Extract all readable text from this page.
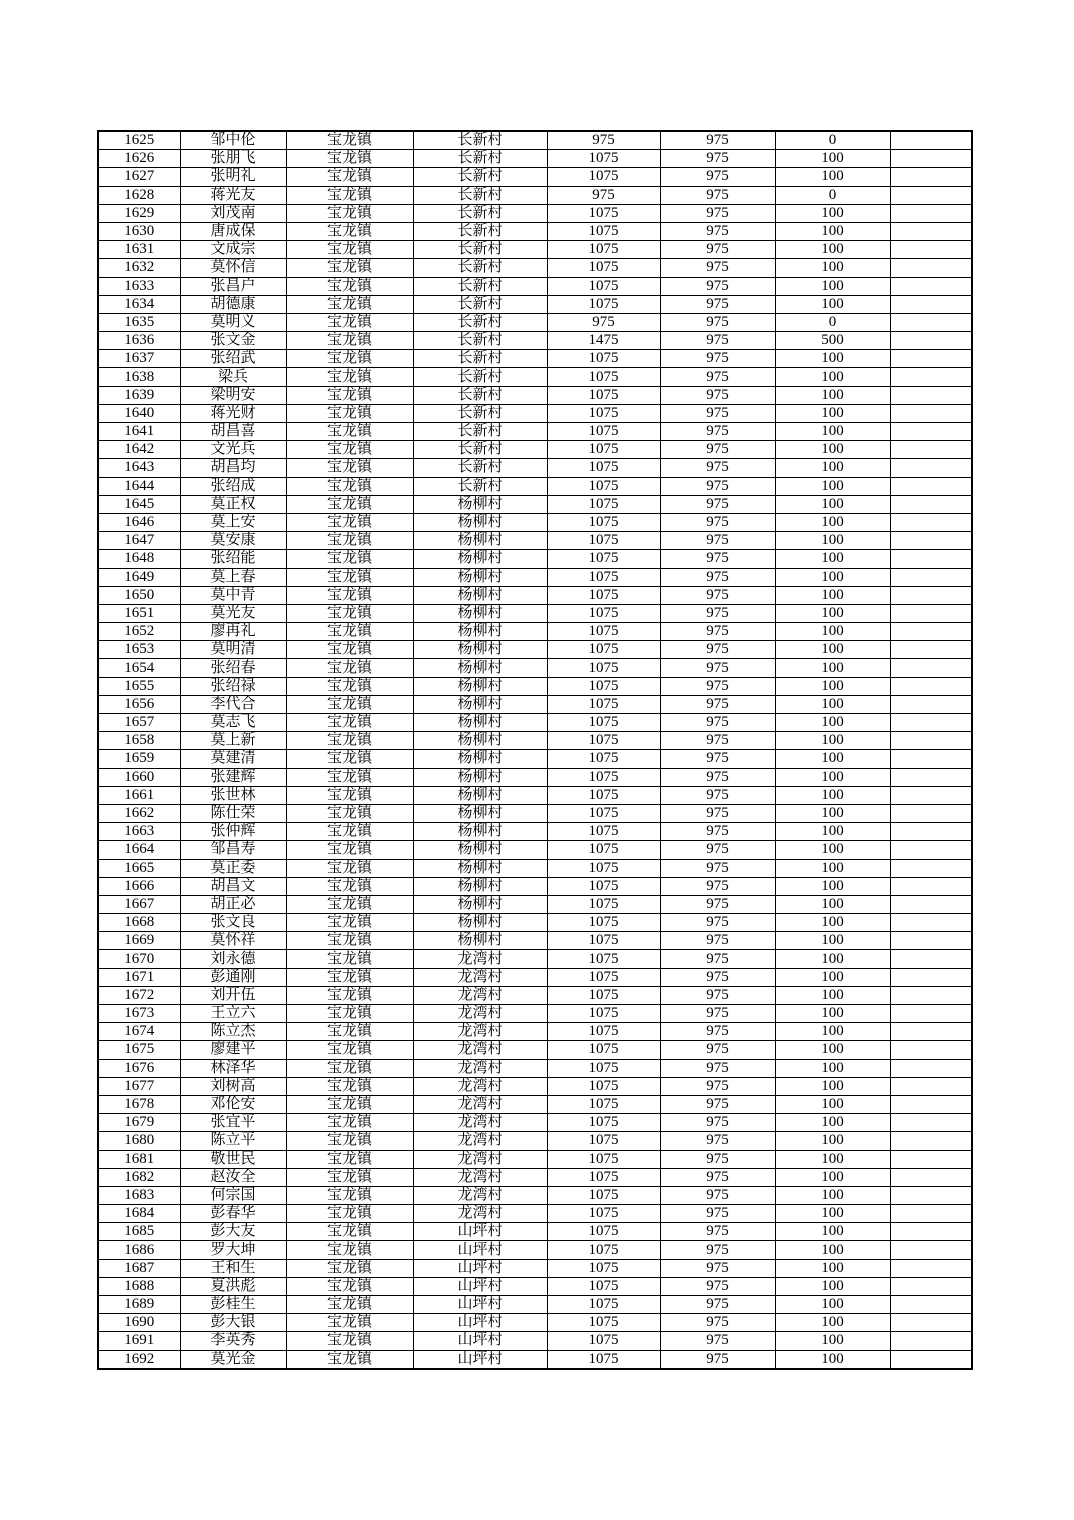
1625	邹中伦	宝龙镇	长新村	975	975	0	
1626	张朋飞	宝龙镇	长新村	1075	975	100	
1627	张明礼	宝龙镇	长新村	1075	975	100	
1628	蒋光友	宝龙镇	长新村	975	975	0	
1629	刘茂南	宝龙镇	长新村	1075	975	100	
1630	唐成保	宝龙镇	长新村	1075	975	100	
1631	文成宗	宝龙镇	长新村	1075	975	100	
1632	莫怀信	宝龙镇	长新村	1075	975	100	
1633	张昌户	宝龙镇	长新村	1075	975	100	
1634	胡德康	宝龙镇	长新村	1075	975	100	
1635	莫明义	宝龙镇	长新村	975	975	0	
1636	张文金	宝龙镇	长新村	1475	975	500	
1637	张绍武	宝龙镇	长新村	1075	975	100	
1638	梁兵	宝龙镇	长新村	1075	975	100	
1639	梁明安	宝龙镇	长新村	1075	975	100	
1640	蒋光财	宝龙镇	长新村	1075	975	100	
1641	胡昌喜	宝龙镇	长新村	1075	975	100	
1642	文光兵	宝龙镇	长新村	1075	975	100	
1643	胡昌均	宝龙镇	长新村	1075	975	100	
1644	张绍成	宝龙镇	长新村	1075	975	100	
1645	莫正权	宝龙镇	杨柳村	1075	975	100	
1646	莫上安	宝龙镇	杨柳村	1075	975	100	
1647	莫安康	宝龙镇	杨柳村	1075	975	100	
1648	张绍能	宝龙镇	杨柳村	1075	975	100	
1649	莫上春	宝龙镇	杨柳村	1075	975	100	
1650	莫中青	宝龙镇	杨柳村	1075	975	100	
1651	莫光友	宝龙镇	杨柳村	1075	975	100	
1652	廖再礼	宝龙镇	杨柳村	1075	975	100	
1653	莫明清	宝龙镇	杨柳村	1075	975	100	
1654	张绍春	宝龙镇	杨柳村	1075	975	100	
1655	张绍禄	宝龙镇	杨柳村	1075	975	100	
1656	李代合	宝龙镇	杨柳村	1075	975	100	
1657	莫志飞	宝龙镇	杨柳村	1075	975	100	
1658	莫上新	宝龙镇	杨柳村	1075	975	100	
1659	莫建清	宝龙镇	杨柳村	1075	975	100	
1660	张建辉	宝龙镇	杨柳村	1075	975	100	
1661	张世林	宝龙镇	杨柳村	1075	975	100	
1662	陈仕荣	宝龙镇	杨柳村	1075	975	100	
1663	张仲辉	宝龙镇	杨柳村	1075	975	100	
1664	邹昌寿	宝龙镇	杨柳村	1075	975	100	
1665	莫正委	宝龙镇	杨柳村	1075	975	100	
1666	胡昌文	宝龙镇	杨柳村	1075	975	100	
1667	胡正必	宝龙镇	杨柳村	1075	975	100	
1668	张文良	宝龙镇	杨柳村	1075	975	100	
1669	莫怀祥	宝龙镇	杨柳村	1075	975	100	
1670	刘永德	宝龙镇	龙湾村	1075	975	100	
1671	彭通刚	宝龙镇	龙湾村	1075	975	100	
1672	刘开伍	宝龙镇	龙湾村	1075	975	100	
1673	王立六	宝龙镇	龙湾村	1075	975	100	
1674	陈立杰	宝龙镇	龙湾村	1075	975	100	
1675	廖建平	宝龙镇	龙湾村	1075	975	100	
1676	林泽华	宝龙镇	龙湾村	1075	975	100	
1677	刘树高	宝龙镇	龙湾村	1075	975	100	
1678	邓伦安	宝龙镇	龙湾村	1075	975	100	
1679	张宜平	宝龙镇	龙湾村	1075	975	100	
1680	陈立平	宝龙镇	龙湾村	1075	975	100	
1681	敬世民	宝龙镇	龙湾村	1075	975	100	
1682	赵汝全	宝龙镇	龙湾村	1075	975	100	
1683	何宗国	宝龙镇	龙湾村	1075	975	100	
1684	彭春华	宝龙镇	龙湾村	1075	975	100	
1685	彭大友	宝龙镇	山坪村	1075	975	100	
1686	罗大坤	宝龙镇	山坪村	1075	975	100	
1687	王和生	宝龙镇	山坪村	1075	975	100	
1688	夏洪彪	宝龙镇	山坪村	1075	975	100	
1689	彭桂生	宝龙镇	山坪村	1075	975	100	
1690	彭大银	宝龙镇	山坪村	1075	975	100	
1691	李英秀	宝龙镇	山坪村	1075	975	100	
1692	莫光金	宝龙镇	山坪村	1075	975	100	
